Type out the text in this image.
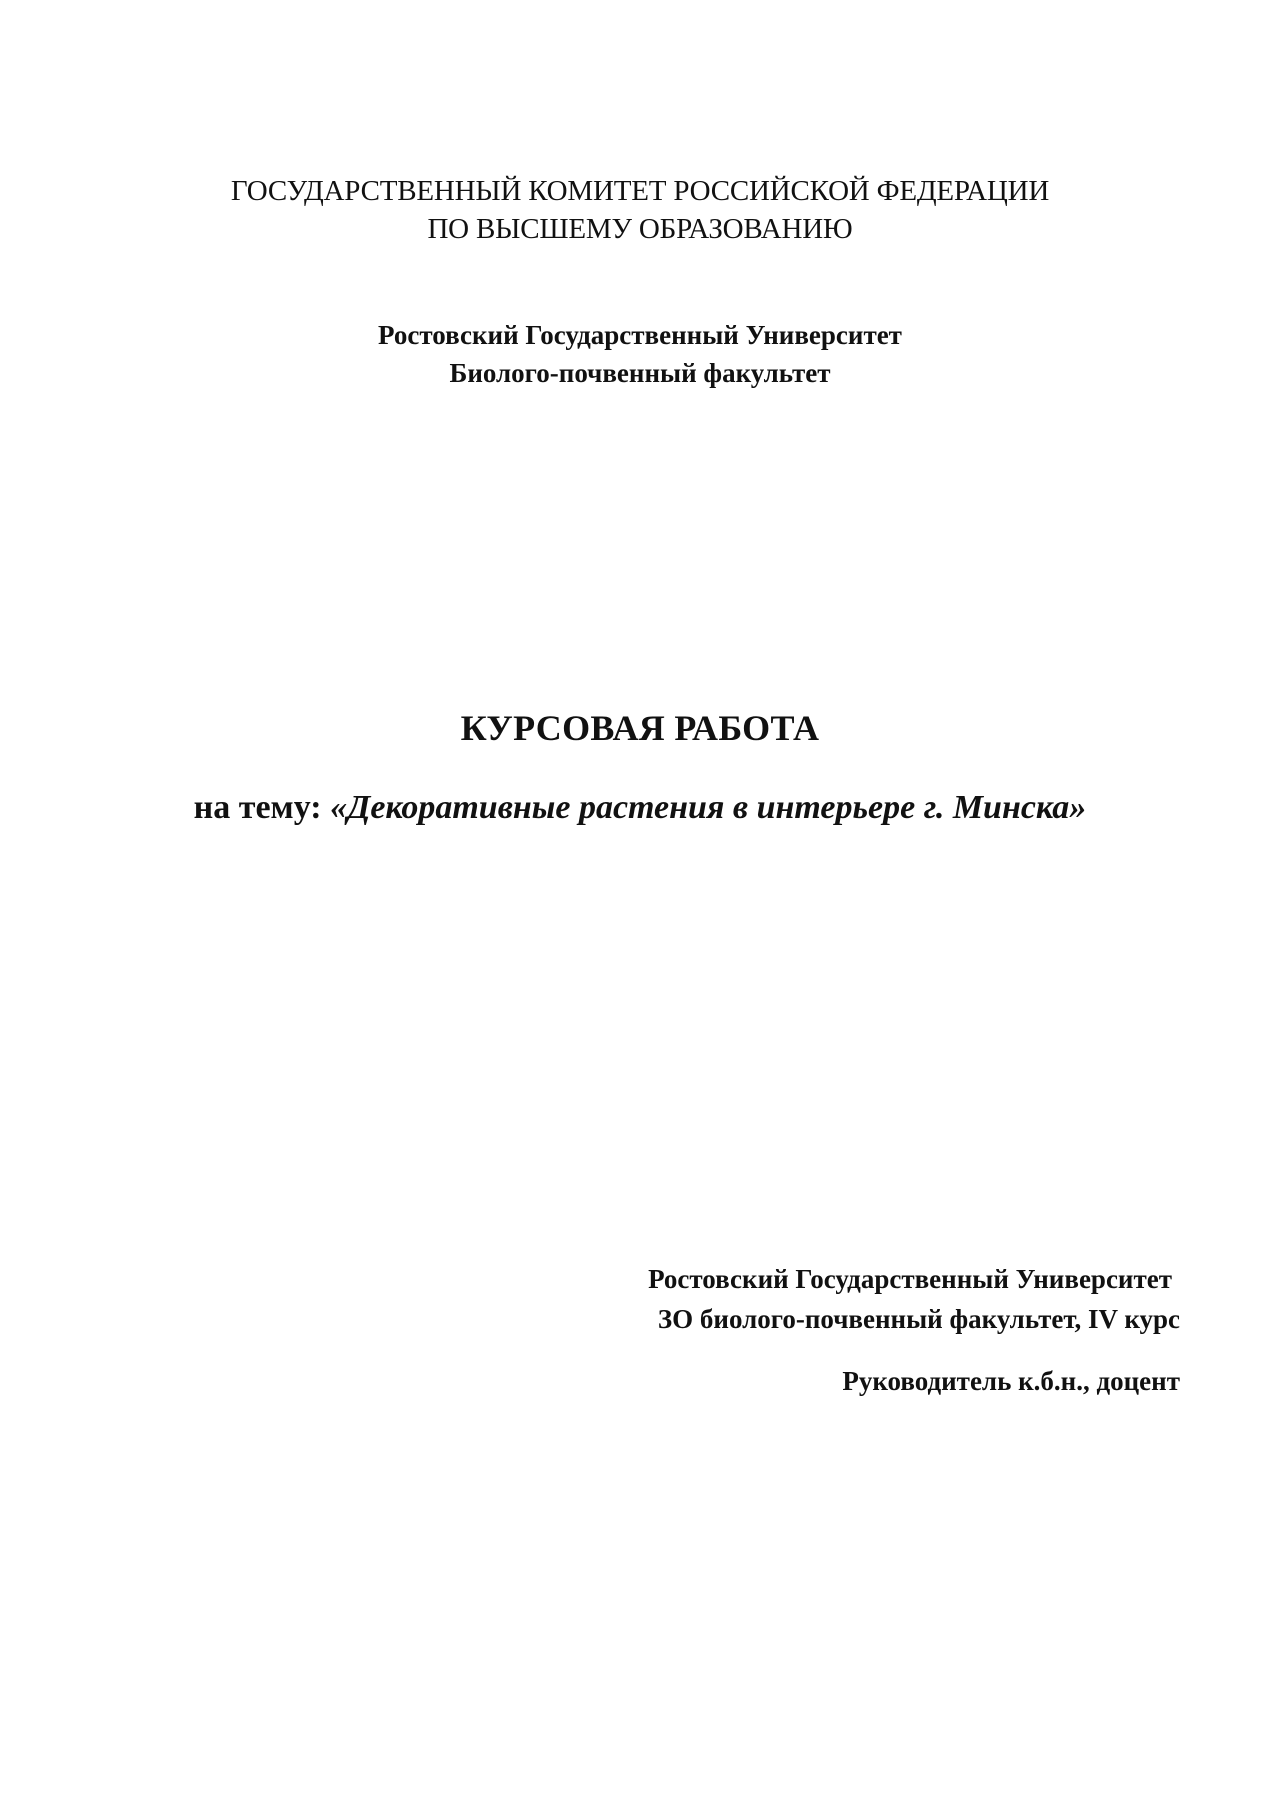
ГОСУДАРСТВЕННЫЙ КОМИТЕТ РОССИЙСКОЙ ФЕДЕРАЦИИ
ПО ВЫСШЕМУ ОБРАЗОВАНИЮ
Ростовский Государственный Университет
Биолого-почвенный факультет
КУРСОВАЯ РАБОТА
на тему: «Декоративные растения в интерьере г. Минска»
Ростовский Государственный Университет
ЗО биолого-почвенный факультет, IV курс
Руководитель к.б.н., доцент
